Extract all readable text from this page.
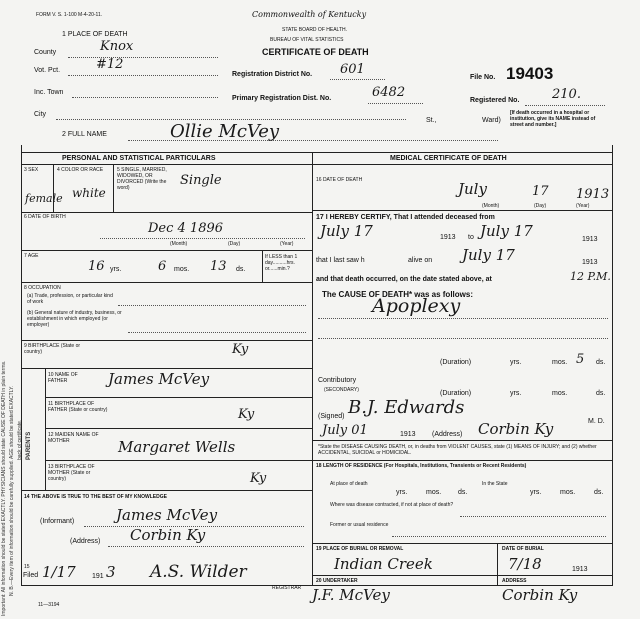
Important: All information should be stated EXACTLY. PHYSICIANS should state CAUSE OF DEATH in plain terms. N. B.—Every item of information should be carefully supplied. AGE should be stated EXACTLY. back of certificate.
FORM V. S. 1-100 M-4-20-11.	Commonwealth of Kentucky
STATE BOARD OF HEALTH.
BUREAU OF VITAL STATISTICS
CERTIFICATE OF DEATH
1 PLACE OF DEATH
County	Knox
Vot. Pct.	#12
Inc. Town
City
Registration District No. 601
Primary Registration Dist. No.	6482
St.,	Ward)
File No. 19403
Registered No.	210.
[If death occurred in a hospital or institution, give its NAME instead of street and number.]
2 FULL NAME	Ollie McVey
PERSONAL AND STATISTICAL PARTICULARS	MEDICAL CERTIFICATE OF DEATH
3 SEX
female
4 COLOR OR RACE
white
5 SINGLE, MARRIED, WIDOWED, OR DIVORCED (Write the word)	Single
6 DATE OF BIRTH
Dec 4 1896
(Month)	(Day)	(Year)
7 AGE
16 yrs.	6 mos. 13 ds.
If LESS than 1 day..........hrs. or......min.?
8 OCCUPATION
(a) Trade, profession, or particular kind of work
(b) General nature of industry, business, or establishment in which employed (or employer)
9 BIRTHPLACE (State or country)	Ky
PARENTS
10 NAME OF FATHER	James McVey
11 BIRTHPLACE OF FATHER (State or country)	Ky
12 MAIDEN NAME OF MOTHER	Margaret Wells
13 BIRTHPLACE OF MOTHER (State or country)	Ky
14 THE ABOVE IS TRUE TO THE BEST OF MY KNOWLEDGE
(Informant)	James McVey
(Address) Corbin Ky
15
Filed 1/17 191 3 A.S. Wilder
REGISTRAR
16 DATE OF DEATH	July	17 1913
(Month)	(Day)	(Year)
17 I HEREBY CERTIFY, That I attended deceased from
July 17	1913 to July 17	1913
that I last saw h	alive on July 17	1913
and that death occurred, on the date stated above, at	12 P.M.
The CAUSE OF DEATH* was as follows:
Apoplexy
(Duration)	yrs.	mos. 5 ds.
Contributory
(SECONDARY)	(Duration)	yrs.	mos.	ds.
(Signed) B.J. Edwards
M. D.
July 01	1913 (Address) Corbin Ky
*State the DISEASE CAUSING DEATH, or, in deaths from VIOLENT CAUSES, state (1) MEANS OF INJURY; and (2) whether ACCIDENTAL, SUICIDAL or HOMICIDAL.
18 LENGTH OF RESIDENCE (For Hospitals, Institutions, Transients or Recent Residents)
At place of death
yrs.	mos. ds.
In the State
yrs.	mos.	ds.
Where was disease contracted, if not at place of death?
Former or usual residence
19 PLACE OF BURIAL OR REMOVAL
Indian Creek
DATE OF BURIAL
7/18	1913
20 UNDERTAKER
J.F. McVey
ADDRESS
Corbin Ky
11—3194
